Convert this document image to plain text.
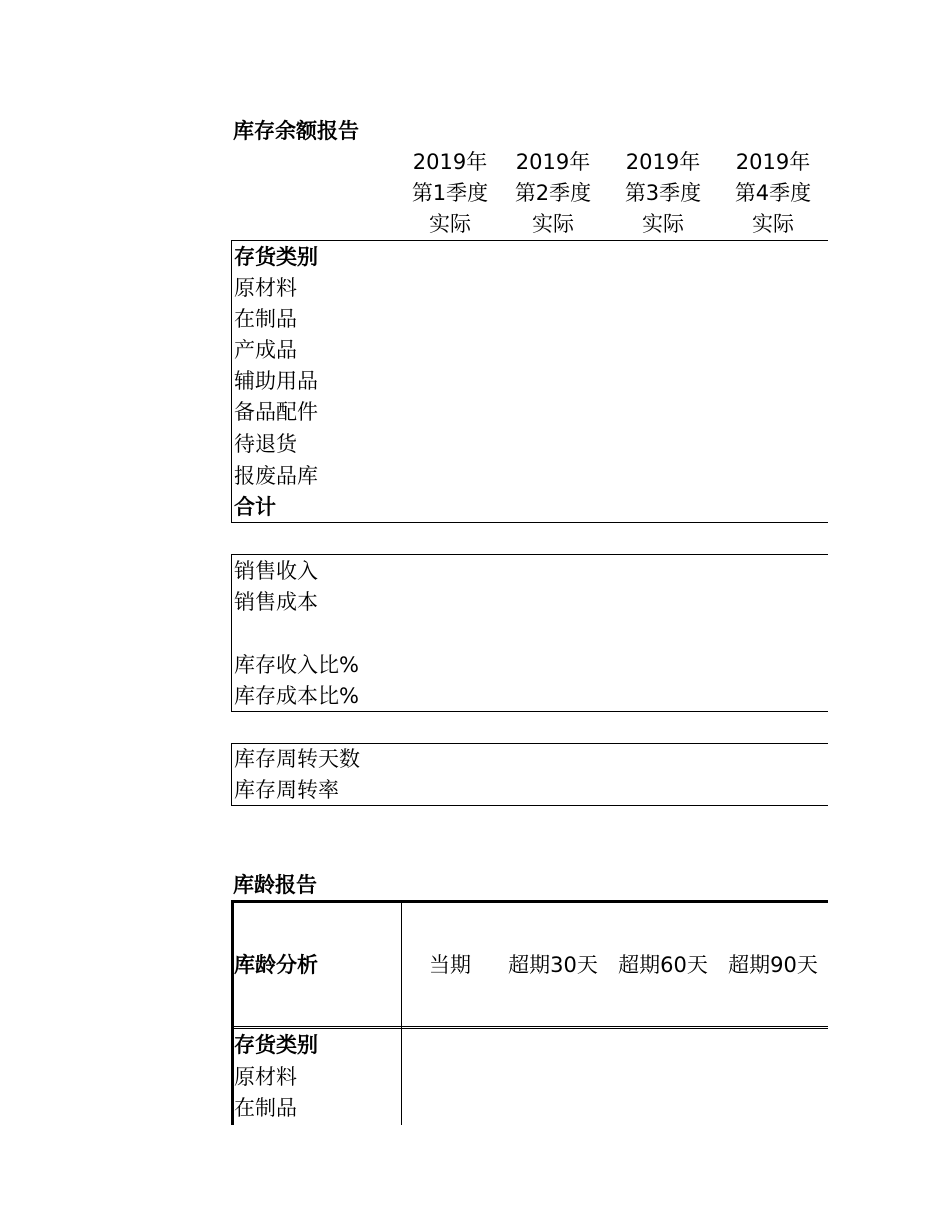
库存余额报告
2019年
第1季度
实际
2019年
第2季度
实际
2019年
第3季度
实际
2019年
第4季度
实际
存货类别
原材料
在制品
产成品
辅助用品
备品配件
待退货
报废品库
合计
销售收入
销售成本
库存收入比%
库存成本比%
库存周转天数
库存周转率
库龄报告
库龄分析	当期	超期30天 超期60天 超期90天
存货类别
原材料
在制品
